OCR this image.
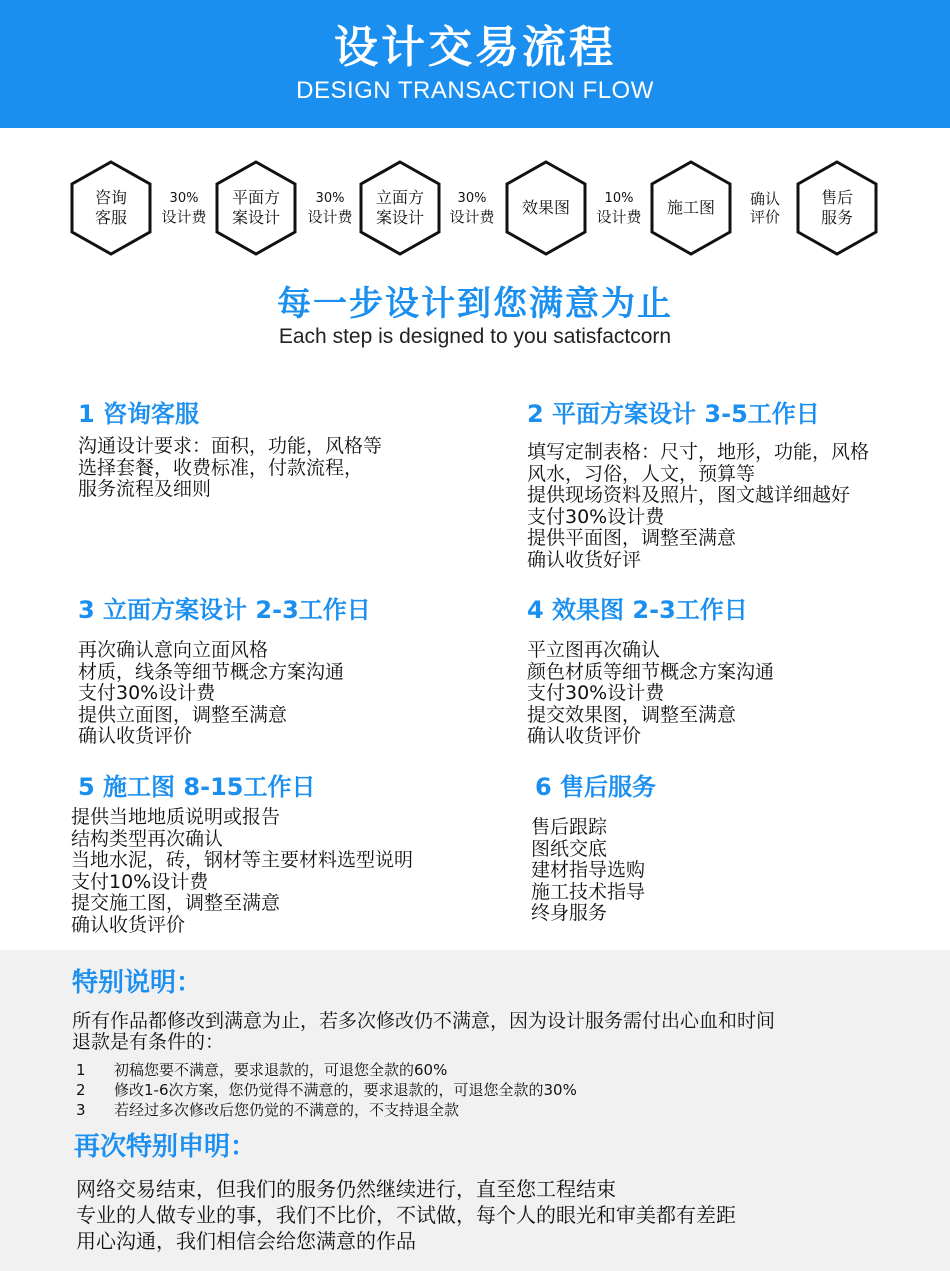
设计交易流程
DESIGN TRANSACTION FLOW
咨询
客服
30%
设计费
平面方
案设计
30%
设计费
立面方
案设计
30%
设计费	效果图	10%
设计费	施工图	确认
评价
售后
服务
每一步设计到您满意为止
Each step is designed to you satisfactcorn
1 咨询客服
沟通设计要求：面积，功能，风格等
选择套餐，收费标准，付款流程，
服务流程及细则
2 平面方案设计 3-5工作日
填写定制表格：尺寸，地形，功能，风格
风水，习俗，人文，预算等
提供现场资料及照片，图文越详细越好
支付30%设计费
提供平面图，调整至满意
确认收货好评
3 立面方案设计 2-3工作日
再次确认意向立面风格
材质，线条等细节概念方案沟通
支付30%设计费
提供立面图，调整至满意
确认收货评价
4 效果图 2-3工作日
平立图再次确认
颜色材质等细节概念方案沟通
支付30%设计费
提交效果图，调整至满意
确认收货评价
5 施工图 8-15工作日
提供当地地质说明或报告
结构类型再次确认
当地水泥，砖，钢材等主要材料选型说明
支付10%设计费
提交施工图，调整至满意
确认收货评价
6 售后服务
售后跟踪
图纸交底
建材指导选购
施工技术指导
终身服务
特别说明：
所有作品都修改到满意为止，若多次修改仍不满意，因为设计服务需付出心血和时间
退款是有条件的：
1	初稿您要不满意，要求退款的，可退您全款的60%
2	修改1-6次方案，您仍觉得不满意的，要求退款的，可退您全款的30%
3	若经过多次修改后您仍觉的不满意的，不支持退全款
再次特别申明：
网络交易结束，但我们的服务仍然继续进行，直至您工程结束
专业的人做专业的事，我们不比价，不试做，每个人的眼光和审美都有差距
用心沟通，我们相信会给您满意的作品
